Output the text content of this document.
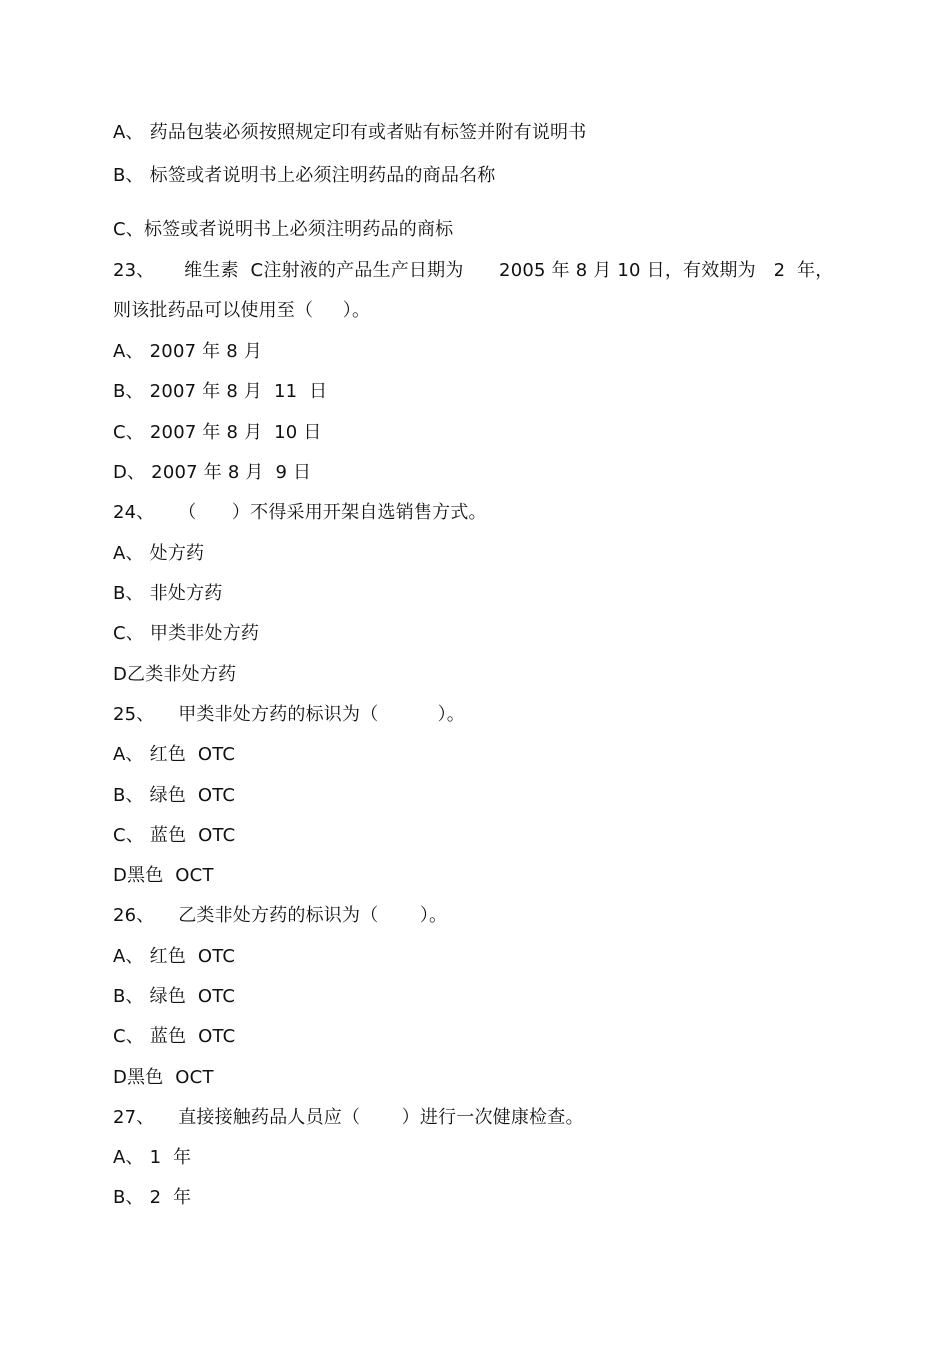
A、 药品包装必须按照规定印有或者贴有标签并附有说明书
B、 标签或者说明书上必须注明药品的商品名称
C、标签或者说明书上必须注明药品的商标
23、     维生素  C注射液的产品生产日期为      2005 年 8 月 10 日，有效期为   2  年，
则该批药品可以使用至（     ）。
A、 2007 年 8 月
B、 2007 年 8 月  11  日
C、 2007 年 8 月  10 日
D、 2007 年 8 月  9 日
24、    （      ）不得采用开架自选销售方式。
A、 处方药
B、 非处方药
C、 甲类非处方药
D乙类非处方药
25、    甲类非处方药的标识为（          ）。
A、 红色  OTC
B、 绿色  OTC
C、 蓝色  OTC
D黑色  OCT
26、    乙类非处方药的标识为（       ）。
A、 红色  OTC
B、 绿色  OTC
C、 蓝色  OTC
D黑色  OCT
27、    直接接触药品人员应（       ）进行一次健康检查。
A、 1  年
B、 2  年
